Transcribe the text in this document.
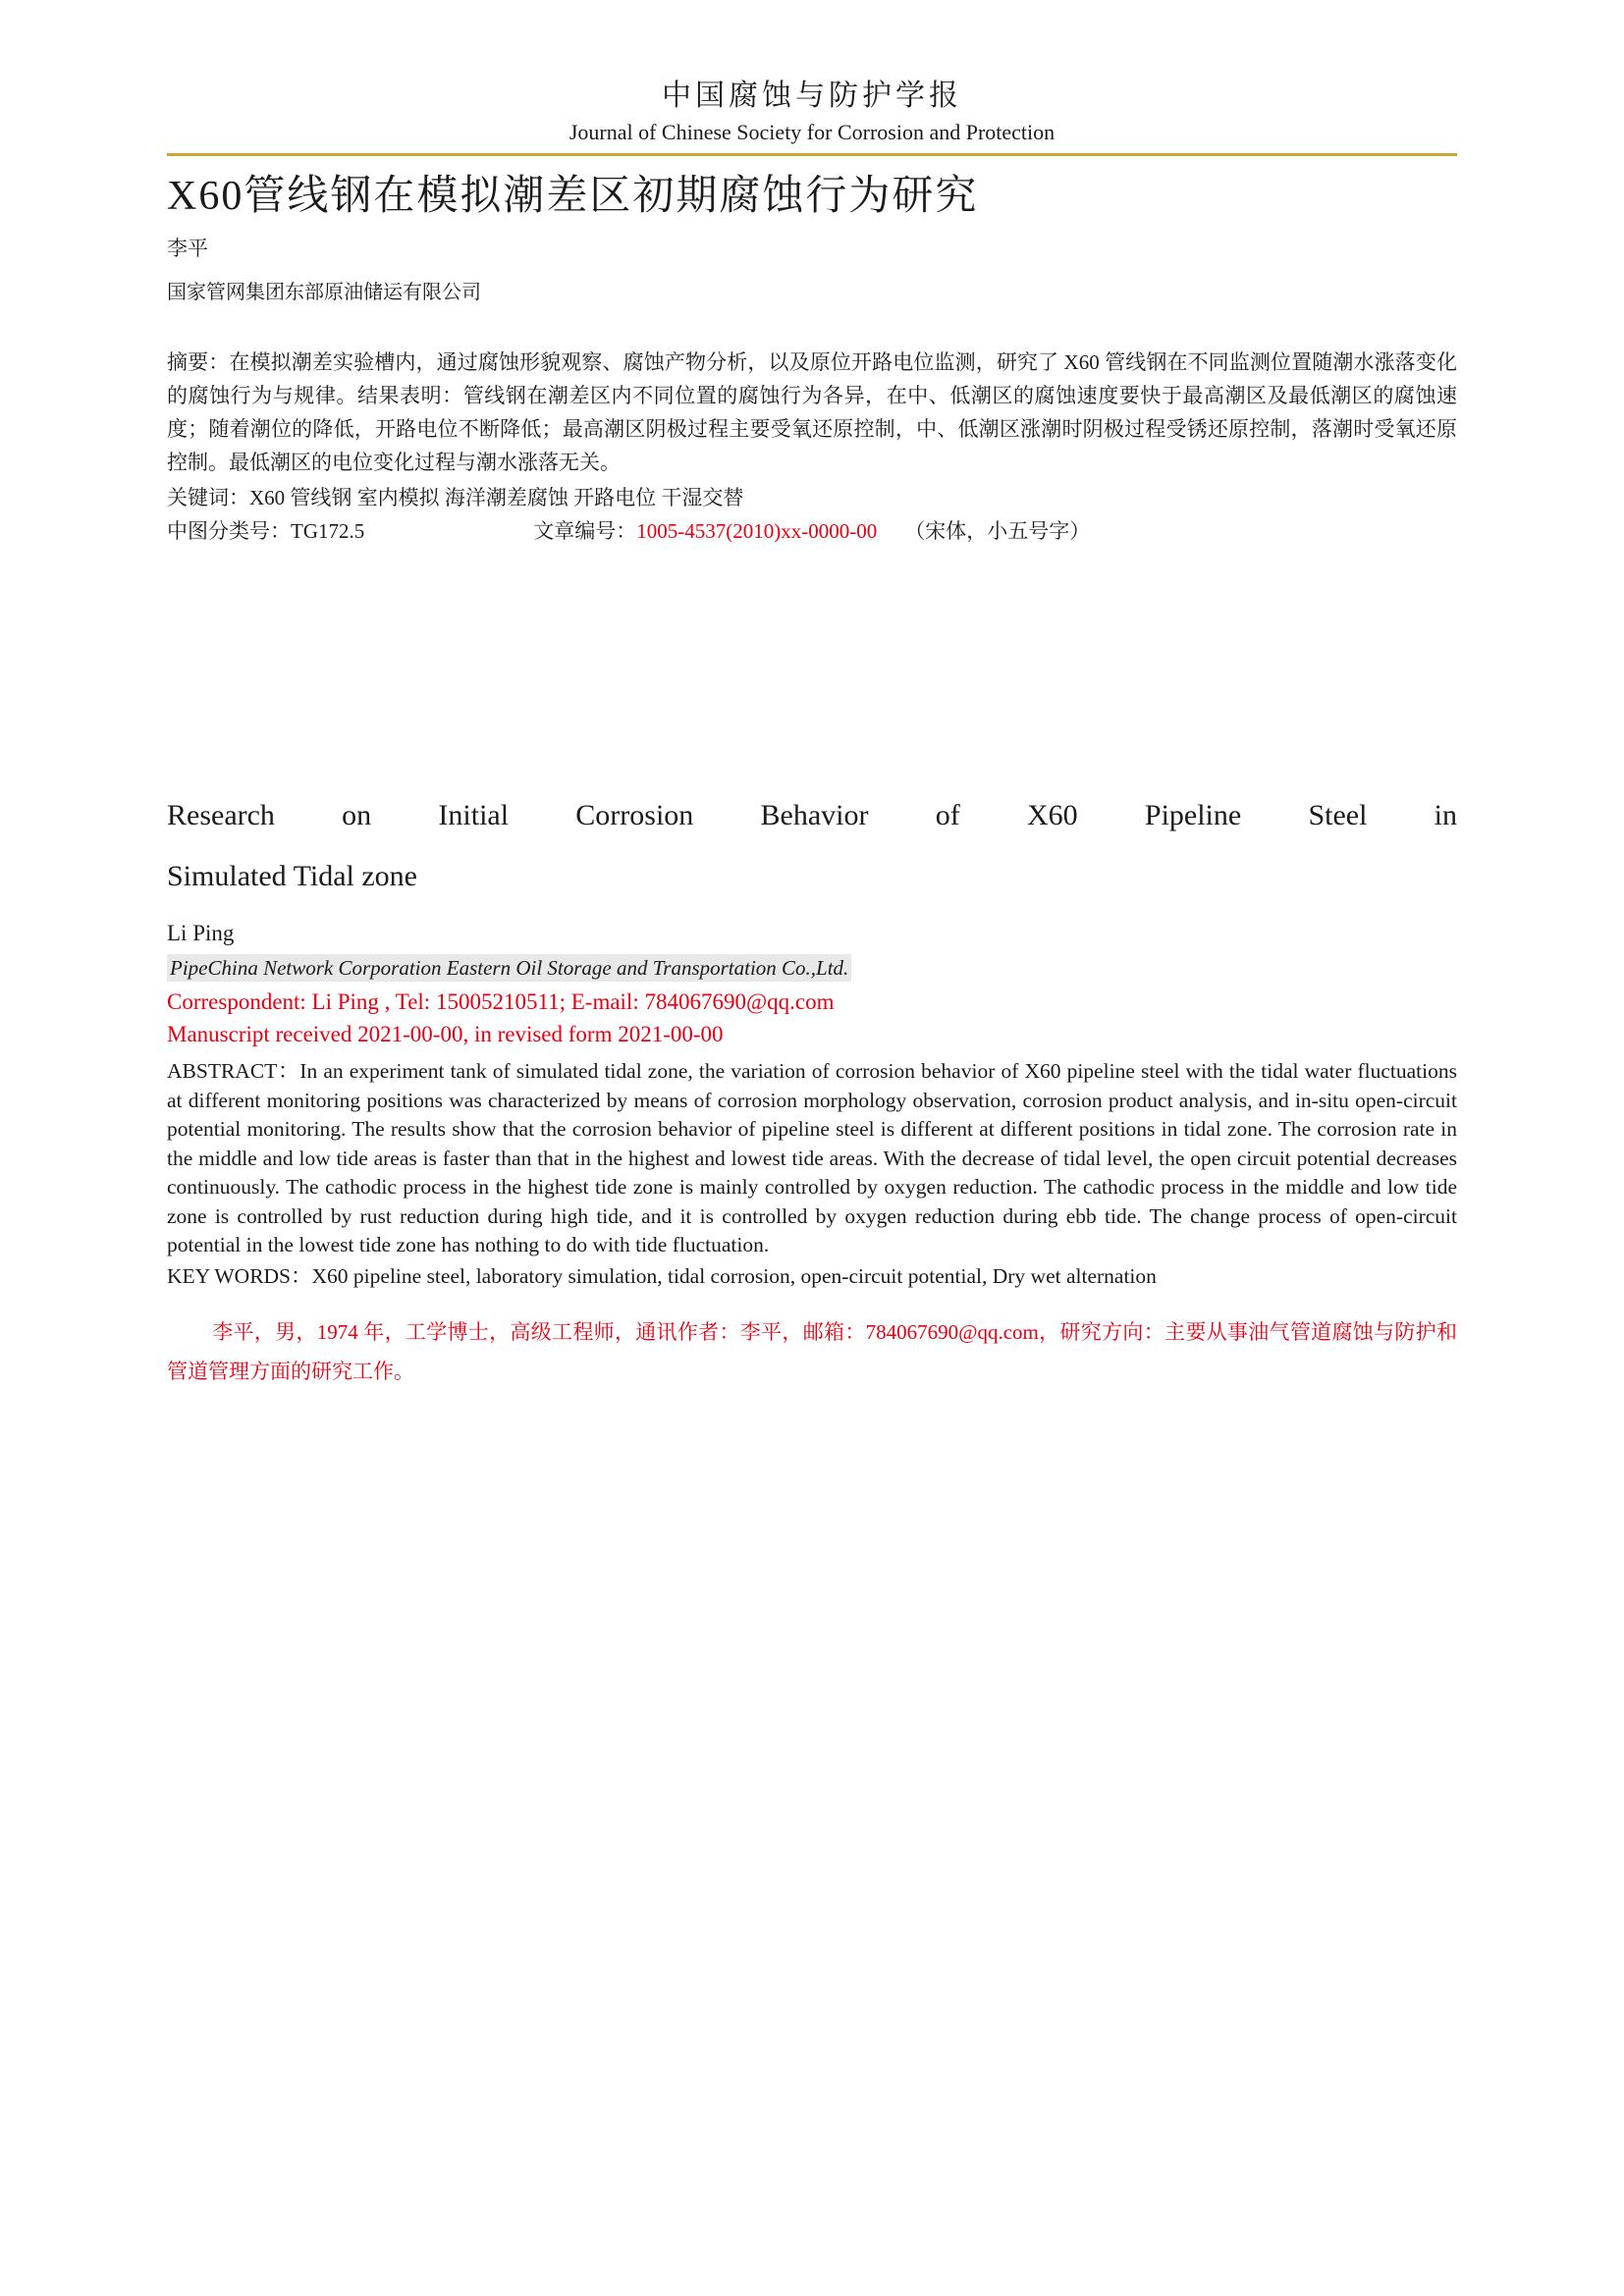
中国腐蚀与防护学报
Journal of Chinese Society for Corrosion and Protection
X60管线钢在模拟潮差区初期腐蚀行为研究
李平
国家管网集团东部原油储运有限公司

摘要：在模拟潮差实验槽内，通过腐蚀形貌观察、腐蚀产物分析，以及原位开路电位监测，研究了 X60 管线钢在不同监测位置随潮水涨落变化的腐蚀行为与规律。结果表明：管线钢在潮差区内不同位置的腐蚀行为各异，在中、低潮区的腐蚀速度要快于最高潮区及最低潮区的腐蚀速度；随着潮位的降低，开路电位不断降低；最高潮区阴极过程主要受氧还原控制，中、低潮区涨潮时阴极过程受锈还原控制，落潮时受氧还原控制。最低潮区的电位变化过程与潮水涨落无关。

关键词：X60 管线钢 室内模拟 海洋潮差腐蚀 开路电位 干湿交替

中图分类号：TG172.5	文章编号：1005-4537(2010)xx-0000-00 （宋体，小五号字）
Research on Initial Corrosion Behavior of X60 Pipeline Steel in
Simulated Tidal zone
Li Ping
PipeChina Network Corporation Eastern Oil Storage and Transportation Co.,Ltd.
Correspondent: Li Ping , Tel: 15005210511; E-mail: 784067690@qq.com
Manuscript received 2021-00-00, in revised form 2021-00-00

ABSTRACT：In an experiment tank of simulated tidal zone, the variation of corrosion behavior of X60 pipeline steel with the tidal water fluctuations at different monitoring positions was characterized by means of corrosion morphology observation, corrosion product analysis, and in-situ open-circuit potential monitoring. The results show that the corrosion behavior of pipeline steel is different at different positions in tidal zone. The corrosion rate in the middle and low tide areas is faster than that in the highest and lowest tide areas. With the decrease of tidal level, the open circuit potential decreases continuously. The cathodic process in the highest tide zone is mainly controlled by oxygen reduction. The cathodic process in the middle and low tide zone is controlled by rust reduction during high tide, and it is controlled by oxygen reduction during ebb tide. The change process of open-circuit potential in the lowest tide zone has nothing to do with tide fluctuation.

KEY WORDS：X60 pipeline steel, laboratory simulation, tidal corrosion, open-circuit potential, Dry wet alternation

李平，男，1974 年，工学博士，高级工程师，通讯作者：李平，邮箱：784067690@qq.com，研究方向：主要从事油气管道腐蚀与防护和管道管理方面的研究工作。
